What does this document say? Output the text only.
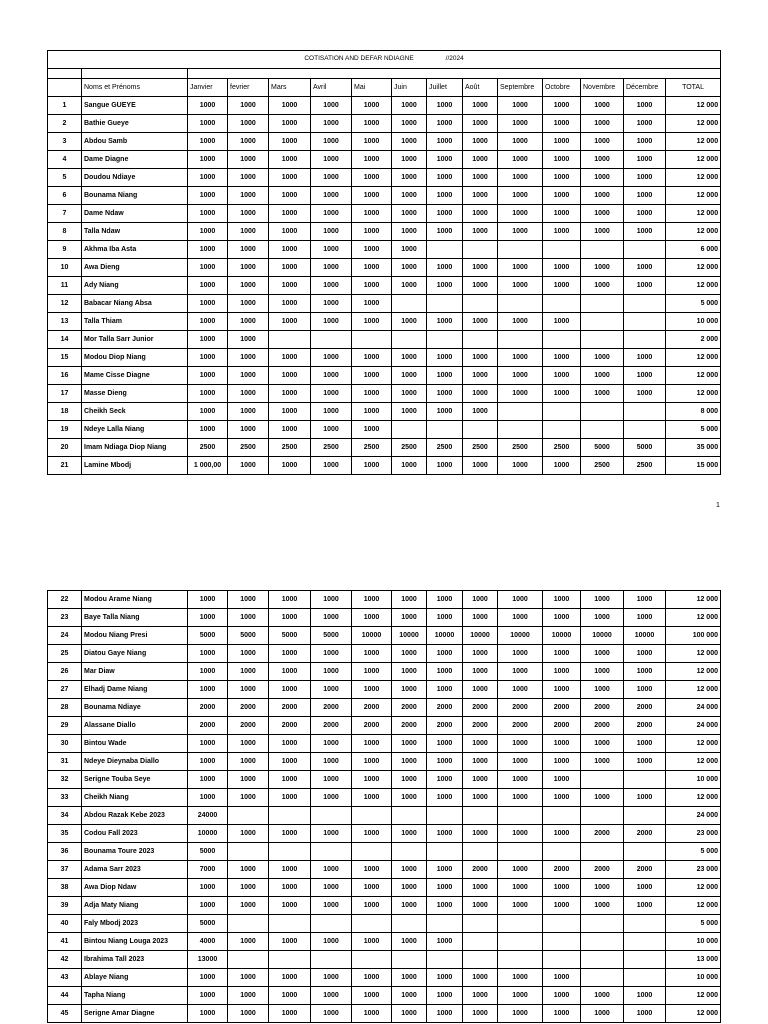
COTISATION AND DEFAR NDIAGNE //2024														

	Noms et Prénoms	Janvier	fevrier	Mars	Avril	Mai	Juin	Juillet	Août	Septembre	Octobre	Novembre	Décembre	TOTAL
1	Sangue GUEYE	1000	1000	1000	1000	1000	1000	1000	1000	1000	1000	1000	1000	12 000
2	Bathie Gueye	1000	1000	1000	1000	1000	1000	1000	1000	1000	1000	1000	1000	12 000
3	Abdou Samb	1000	1000	1000	1000	1000	1000	1000	1000	1000	1000	1000	1000	12 000
4	Dame Diagne	1000	1000	1000	1000	1000	1000	1000	1000	1000	1000	1000	1000	12 000
5	Doudou Ndiaye	1000	1000	1000	1000	1000	1000	1000	1000	1000	1000	1000	1000	12 000
6	Bounama Niang	1000	1000	1000	1000	1000	1000	1000	1000	1000	1000	1000	1000	12 000
7	Dame Ndaw	1000	1000	1000	1000	1000	1000	1000	1000	1000	1000	1000	1000	12 000
8	Talla Ndaw	1000	1000	1000	1000	1000	1000	1000	1000	1000	1000	1000	1000	12 000
9	Akhma Iba Asta	1000	1000	1000	1000	1000	1000							6 000
10	Awa Dieng	1000	1000	1000	1000	1000	1000	1000	1000	1000	1000	1000	1000	12 000
11	Ady Niang	1000	1000	1000	1000	1000	1000	1000	1000	1000	1000	1000	1000	12 000
12	Babacar Niang Absa	1000	1000	1000	1000	1000								5 000
13	Talla Thiam	1000	1000	1000	1000	1000	1000	1000	1000	1000	1000			10 000
14	Mor Talla Sarr Junior	1000	1000											2 000
15	Modou Diop Niang	1000	1000	1000	1000	1000	1000	1000	1000	1000	1000	1000	1000	12 000
16	Mame Cisse Diagne	1000	1000	1000	1000	1000	1000	1000	1000	1000	1000	1000	1000	12 000
17	Masse Dieng	1000	1000	1000	1000	1000	1000	1000	1000	1000	1000	1000	1000	12 000
18	Cheikh Seck	1000	1000	1000	1000	1000	1000	1000	1000					8 000
19	Ndeye Lalla Niang	1000	1000	1000	1000	1000								5 000
20	Imam Ndiaga Diop Niang	2500	2500	2500	2500	2500	2500	2500	2500	2500	2500	5000	5000	35 000
21	Lamine Mbodj	1 000,00	1000	1000	1000	1000	1000	1000	1000	1000	1000	2500	2500	15 000
1
22	Modou Arame Niang	1000	1000	1000	1000	1000	1000	1000	1000	1000	1000	1000	1000	12 000
23	Baye Talla Niang	1000	1000	1000	1000	1000	1000	1000	1000	1000	1000	1000	1000	12 000
24	Modou Niang Presi	5000	5000	5000	5000	10000	10000	10000	10000	10000	10000	10000	10000	100 000
25	Diatou Gaye Niang	1000	1000	1000	1000	1000	1000	1000	1000	1000	1000	1000	1000	12 000
26	Mar Diaw	1000	1000	1000	1000	1000	1000	1000	1000	1000	1000	1000	1000	12 000
27	Elhadj Dame Niang	1000	1000	1000	1000	1000	1000	1000	1000	1000	1000	1000	1000	12 000
28	Bounama Ndiaye	2000	2000	2000	2000	2000	2000	2000	2000	2000	2000	2000	2000	24 000
29	Alassane Diallo	2000	2000	2000	2000	2000	2000	2000	2000	2000	2000	2000	2000	24 000
30	Bintou Wade	1000	1000	1000	1000	1000	1000	1000	1000	1000	1000	1000	1000	12 000
31	Ndeye Dieynaba Diallo	1000	1000	1000	1000	1000	1000	1000	1000	1000	1000	1000	1000	12 000
32	Serigne Touba Seye	1000	1000	1000	1000	1000	1000	1000	1000	1000	1000			10 000
33	Cheikh Niang	1000	1000	1000	1000	1000	1000	1000	1000	1000	1000	1000	1000	12 000
34	Abdou Razak Kebe 2023	24000												24 000
35	Codou Fall 2023	10000	1000	1000	1000	1000	1000	1000	1000	1000	1000	2000	2000	23 000
36	Bounama Toure 2023	5000												5 000
37	Adama Sarr 2023	7000	1000	1000	1000	1000	1000	1000	2000	1000	2000	2000	2000	23 000
38	Awa Diop Ndaw	1000	1000	1000	1000	1000	1000	1000	1000	1000	1000	1000	1000	12 000
39	Adja Maty Niang	1000	1000	1000	1000	1000	1000	1000	1000	1000	1000	1000	1000	12 000
40	Faly Mbodj 2023	5000												5 000
41	Bintou Niang Louga 2023	4000	1000	1000	1000	1000	1000	1000						10 000
42	Ibrahima Tall 2023	13000												13 000
43	Ablaye Niang	1000	1000	1000	1000	1000	1000	1000	1000	1000	1000			10 000
44	Tapha Niang	1000	1000	1000	1000	1000	1000	1000	1000	1000	1000	1000	1000	12 000
45	Serigne Amar Diagne	1000	1000	1000	1000	1000	1000	1000	1000	1000	1000	1000	1000	12 000
